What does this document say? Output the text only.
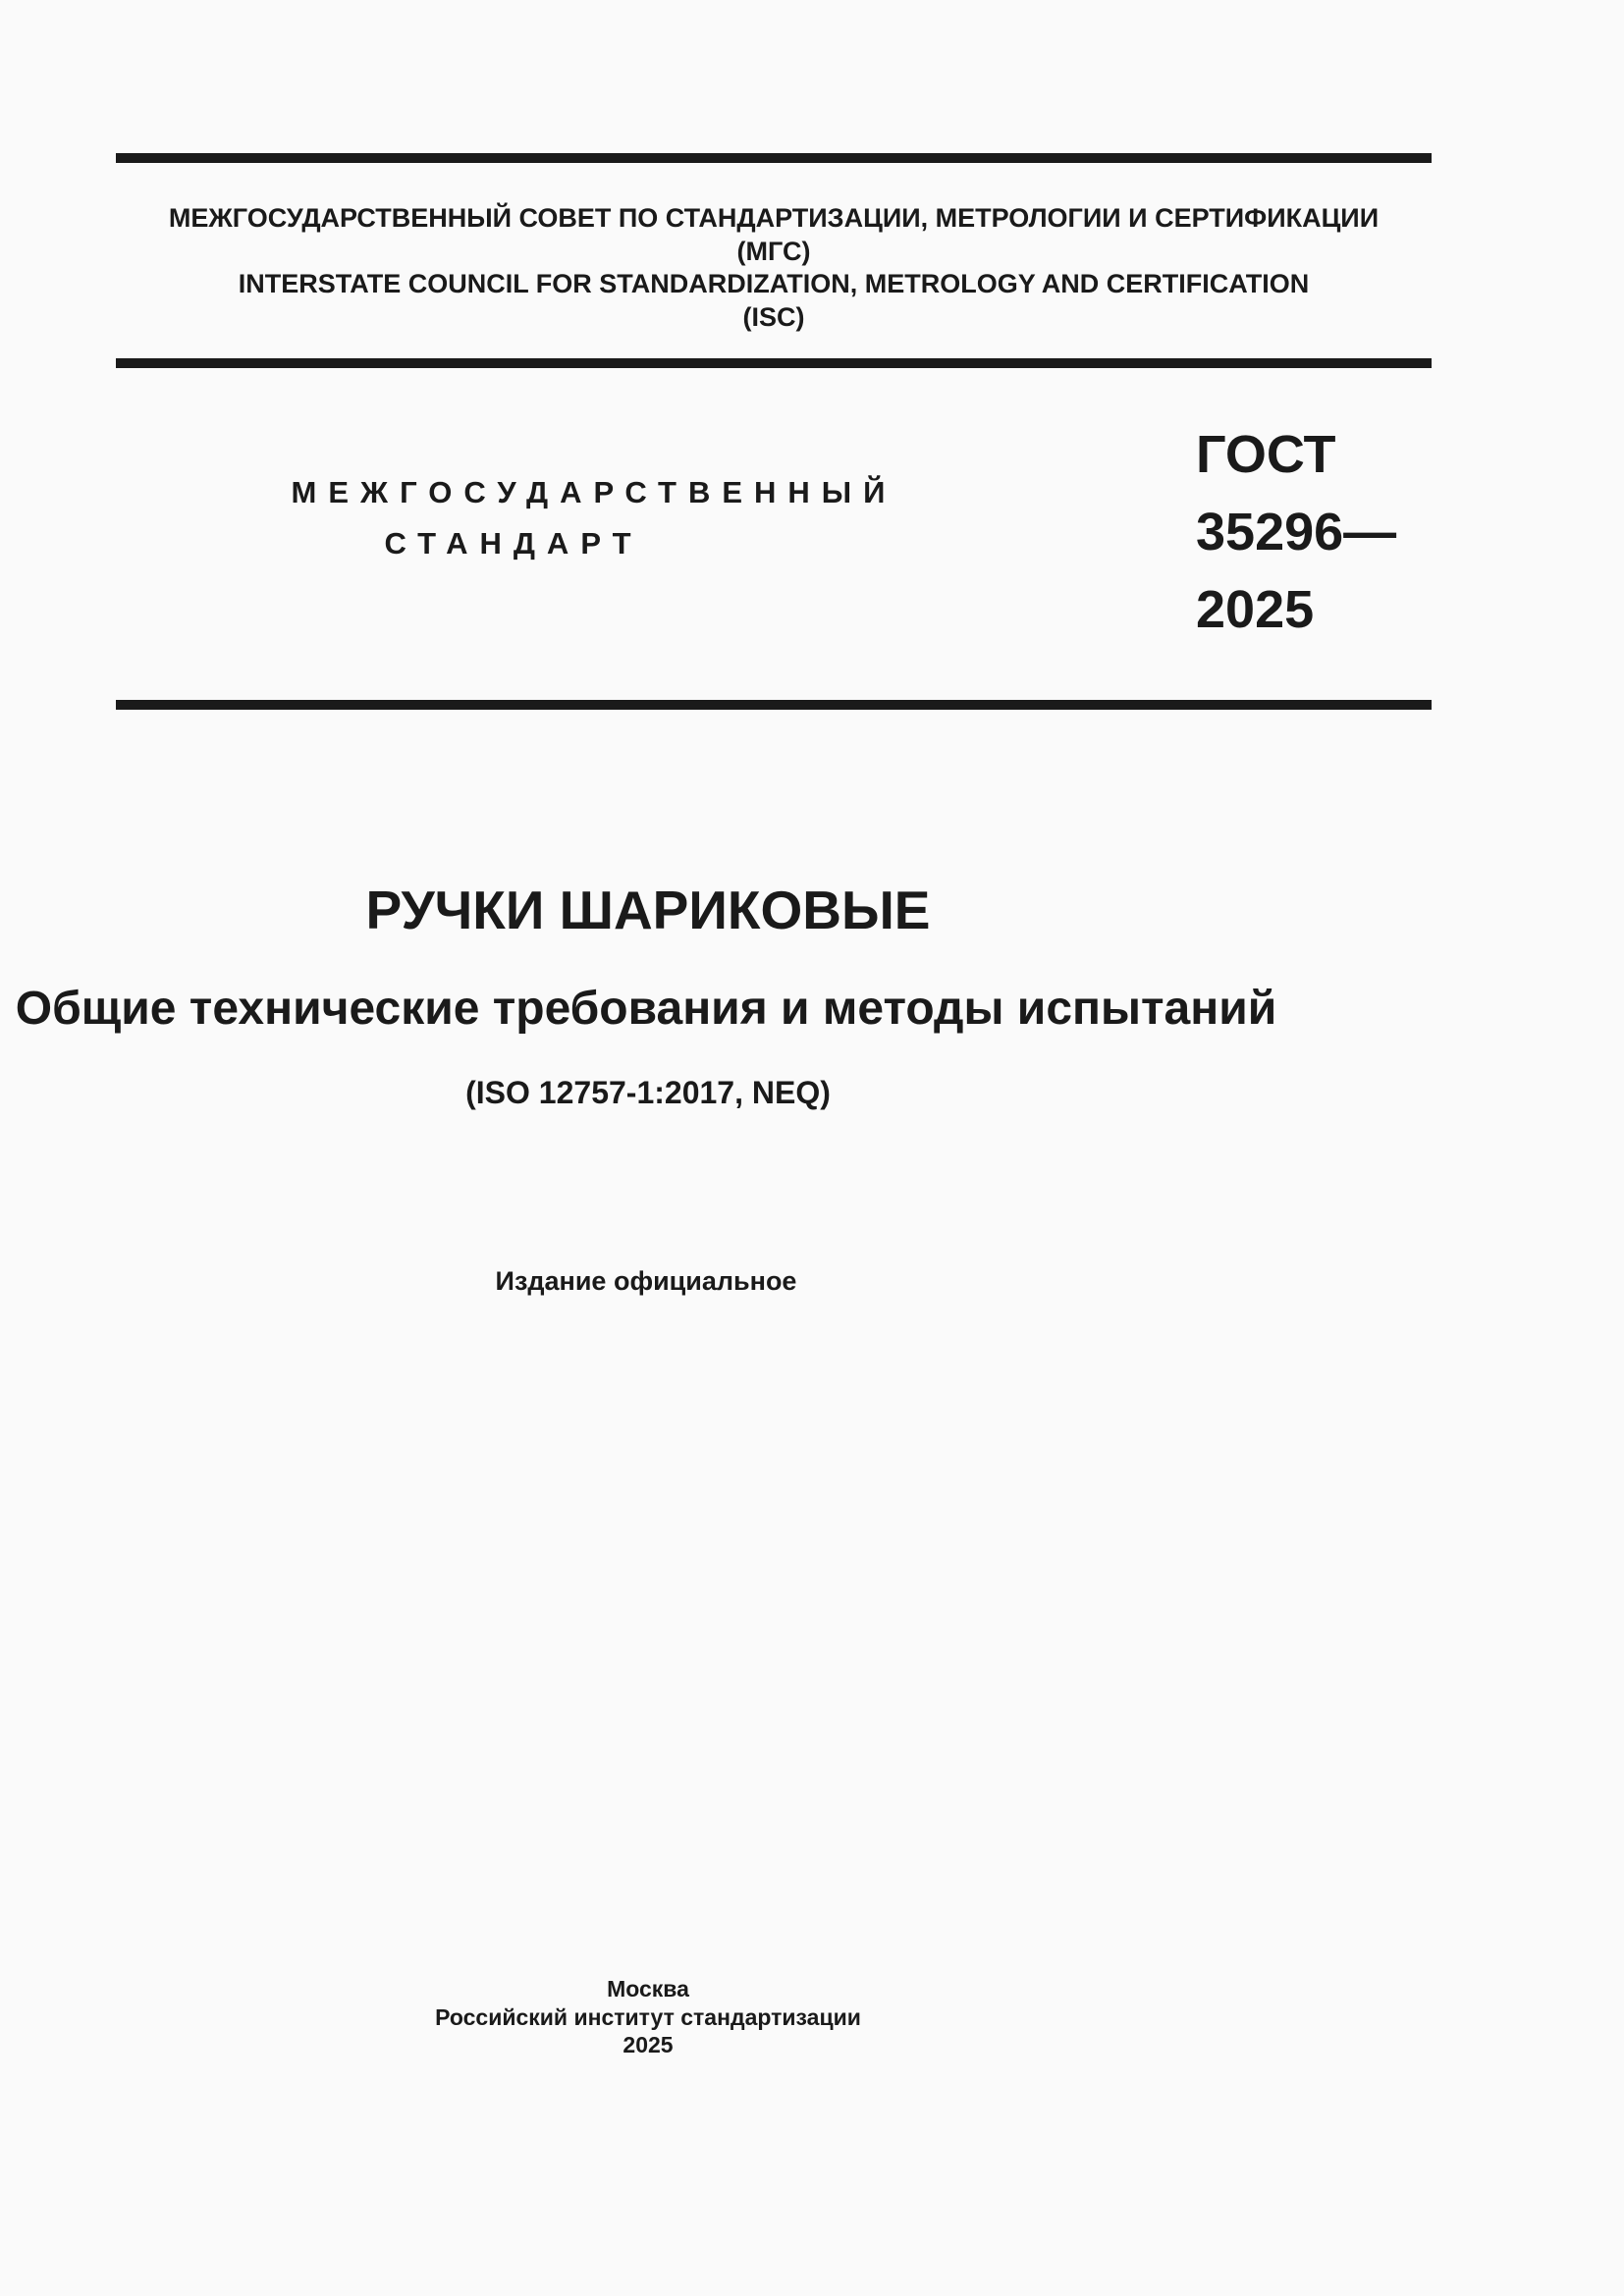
МЕЖГОСУДАРСТВЕННЫЙ СОВЕТ ПО СТАНДАРТИЗАЦИИ, МЕТРОЛОГИИ И СЕРТИФИКАЦИИ
(МГС)
INTERSTATE COUNCIL FOR STANDARDIZATION, METROLOGY AND CERTIFICATION
(ISC)
МЕЖГОСУДАРСТВЕННЫЙ
СТАНДАРТ
ГОСТ
35296—
2025
РУЧКИ ШАРИКОВЫЕ
Общие технические требования и методы испытаний
(ISO 12757-1:2017, NEQ)
Издание официальное
Москва
Российский институт стандартизации
2025
